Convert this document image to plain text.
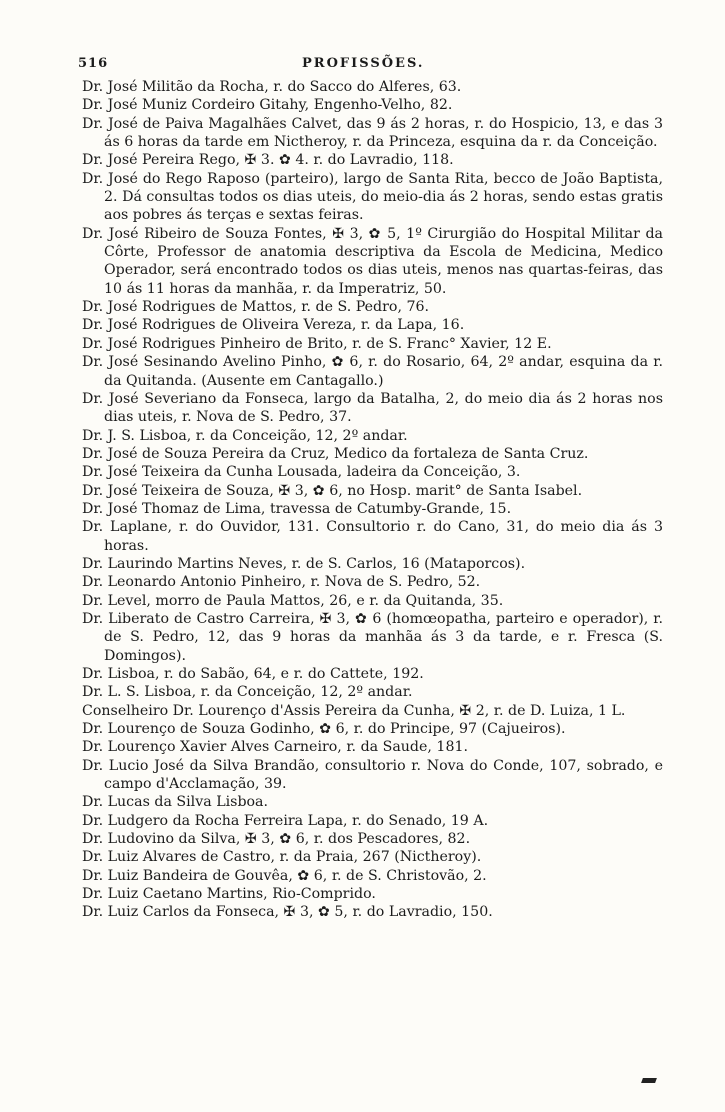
516	PROFISSÕES.

Dr. José Militão da Rocha, r. do Sacco do Alferes, 63.

Dr. José Muniz Cordeiro Gitahy, Engenho-Velho, 82.

Dr. José de Paiva Magalhães Calvet, das 9 ás 2 horas, r. do Hospicio, 13, e das 3 ás 6 horas da tarde em Nictheroy, r. da Princeza, esquina da r. da Conceição.

Dr. José Pereira Rego, ✠ 3. ✿ 4. r. do Lavradio, 118.

Dr. José do Rego Raposo (parteiro), largo de Santa Rita, becco de João Baptista, 2. Dá consultas todos os dias uteis, do meio-dia ás 2 horas, sendo estas gratis aos pobres ás terças e sextas feiras.

Dr. José Ribeiro de Souza Fontes, ✠ 3, ✿ 5, 1º Cirurgião do Hospital Militar da Côrte, Professor de anatomia descriptiva da Escola de Medicina, Medico Operador, será encontrado todos os dias uteis, menos nas quartas-feiras, das 10 ás 11 horas da manhãa, r. da Imperatriz, 50.

Dr. José Rodrigues de Mattos, r. de S. Pedro, 76.

Dr. José Rodrigues de Oliveira Vereza, r. da Lapa, 16.

Dr. José Rodrigues Pinheiro de Brito, r. de S. Franc° Xavier, 12 E.

Dr. José Sesinando Avelino Pinho, ✿ 6, r. do Rosario, 64, 2º andar, esquina da r. da Quitanda. (Ausente em Cantagallo.)

Dr. José Severiano da Fonseca, largo da Batalha, 2, do meio dia ás 2 horas nos dias uteis, r. Nova de S. Pedro, 37.

Dr. J. S. Lisboa, r. da Conceição, 12, 2º andar.

Dr. José de Souza Pereira da Cruz, Medico da fortaleza de Santa Cruz.

Dr. José Teixeira da Cunha Lousada, ladeira da Conceição, 3.

Dr. José Teixeira de Souza, ✠ 3, ✿ 6, no Hosp. marit° de Santa Isabel.

Dr. José Thomaz de Lima, travessa de Catumby-Grande, 15.

Dr. Laplane, r. do Ouvidor, 131. Consultorio r. do Cano, 31, do meio dia ás 3 horas.

Dr. Laurindo Martins Neves, r. de S. Carlos, 16 (Mataporcos).

Dr. Leonardo Antonio Pinheiro, r. Nova de S. Pedro, 52.

Dr. Level, morro de Paula Mattos, 26, e r. da Quitanda, 35.

Dr. Liberato de Castro Carreira, ✠ 3, ✿ 6 (homœopatha, parteiro e operador), r. de S. Pedro, 12, das 9 horas da manhãa ás 3 da tarde, e r. Fresca (S. Domingos).

Dr. Lisboa, r. do Sabão, 64, e r. do Cattete, 192.

Dr. L. S. Lisboa, r. da Conceição, 12, 2º andar.

Conselheiro Dr. Lourenço d'Assis Pereira da Cunha, ✠ 2, r. de D. Luiza, 1 L.

Dr. Lourenço de Souza Godinho, ✿ 6, r. do Principe, 97 (Cajueiros).

Dr. Lourenço Xavier Alves Carneiro, r. da Saude, 181.

Dr. Lucio José da Silva Brandão, consultorio r. Nova do Conde, 107, sobrado, e campo d'Acclamação, 39.

Dr. Lucas da Silva Lisboa.

Dr. Ludgero da Rocha Ferreira Lapa, r. do Senado, 19 A.

Dr. Ludovino da Silva, ✠ 3, ✿ 6, r. dos Pescadores, 82.

Dr. Luiz Alvares de Castro, r. da Praia, 267 (Nictheroy).

Dr. Luiz Bandeira de Gouvêa, ✿ 6, r. de S. Christovão, 2.

Dr. Luiz Caetano Martins, Rio-Comprido.

Dr. Luiz Carlos da Fonseca, ✠ 3, ✿ 5, r. do Lavradio, 150.
